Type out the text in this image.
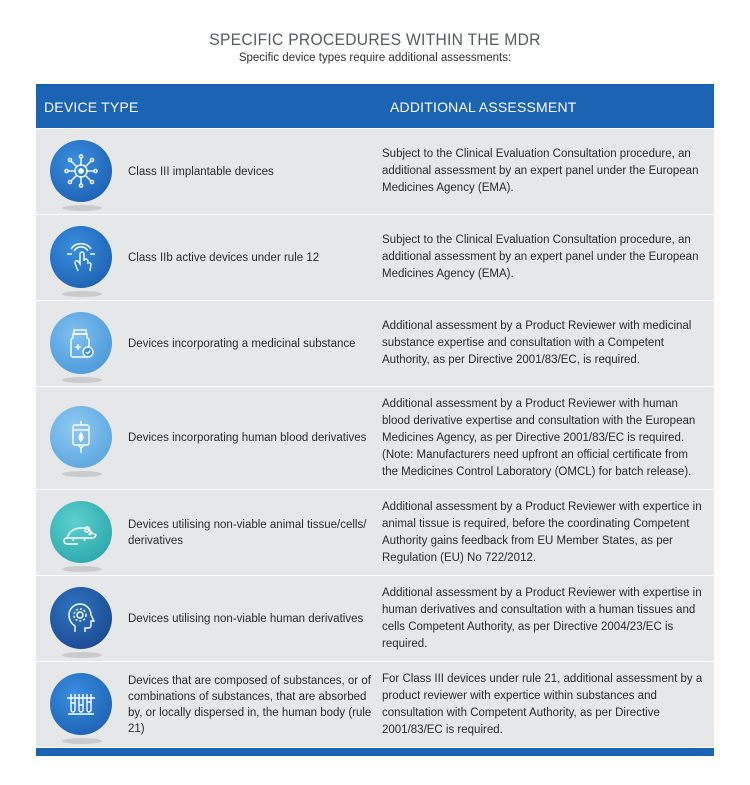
SPECIFIC PROCEDURES WITHIN THE MDR
Specific device types require additional assessments:
DEVICE TYPE	ADDITIONAL ASSESSMENT
Class III implantable devices
Subject to the Clinical Evaluation Consultation procedure, an additional assessment by an expert panel under the European Medicines Agency (EMA).
Class IIb active devices under rule 12
Subject to the Clinical Evaluation Consultation procedure, an additional assessment by an expert panel under the European Medicines Agency (EMA).
Devices incorporating a medicinal substance
Additional assessment by a Product Reviewer with medicinal substance expertise and consultation with a Competent Authority, as per Directive 2001/83/EC, is required.
Devices incorporating human blood derivatives
Additional assessment by a Product Reviewer with human blood derivative expertise and consultation with the European Medicines Agency, as per Directive 2001/83/EC is required. (Note: Manufacturers need upfront an official certificate from the Medicines Control Laboratory (OMCL) for batch release).
Devices utilising non-viable animal tissue/cells/ derivatives
Additional assessment by a Product Reviewer with expertice in animal tissue is required, before the coordinating Competent Authority gains feedback from EU Member States, as per Regulation (EU) No 722/2012.
Devices utilising non-viable human derivatives
Additional assessment by a Product Reviewer with expertise in human derivatives and consultation with a human tissues and cells Competent Authority, as per Directive 2004/23/EC is required.
Devices that are composed of substances, or of combinations of substances, that are absorbed by, or locally dispersed in, the human body (rule 21)
For Class III devices under rule 21, additional assessment by a product reviewer with expertice within substances and consultation with Competent Authority, as per Directive 2001/83/EC is required.
